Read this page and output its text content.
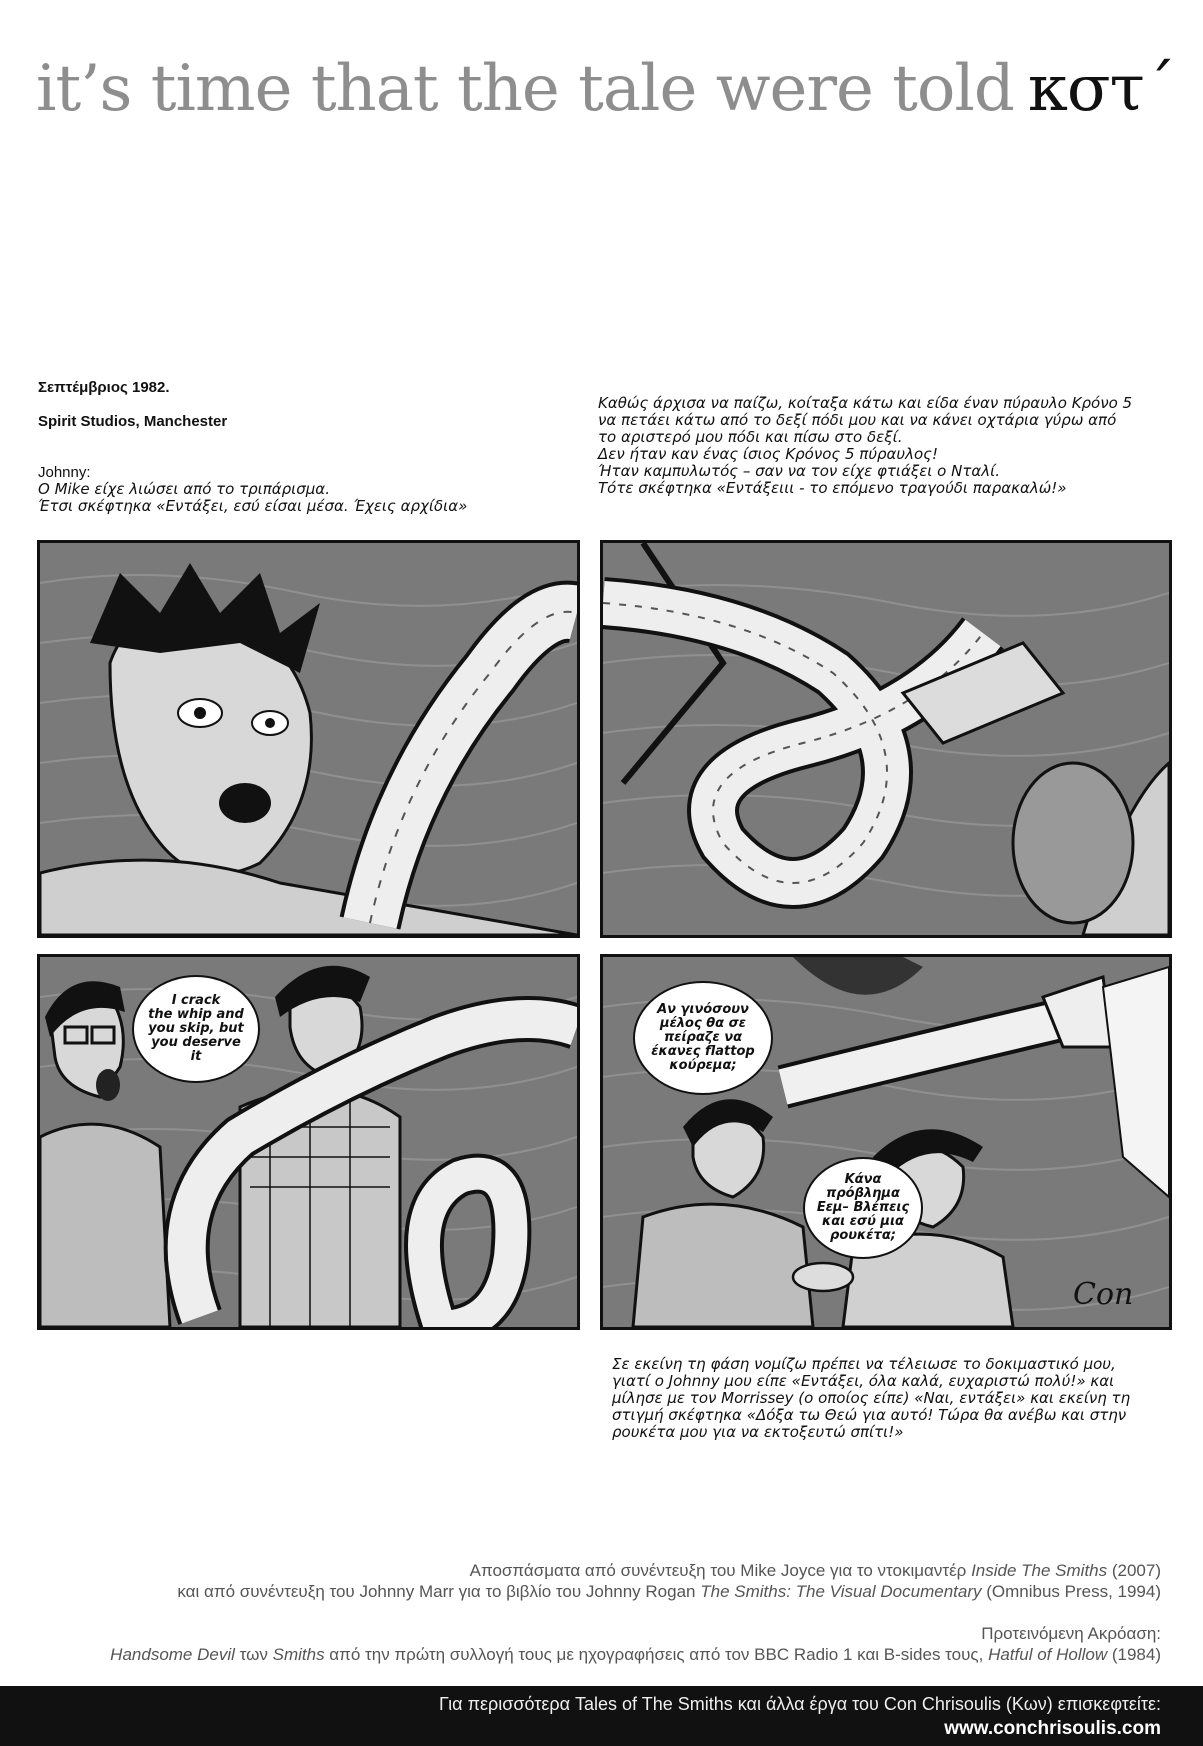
it’s time that the tale were told κστ΄

Σεπτέμβριος 1982.

Spirit Studios, Manchester

Johnny:
Ο Mike είχε λιώσει από το τριπάρισμα.
Έτσι σκέφτηκα «Εντάξει, εσύ είσαι μέσα. Έχεις αρχίδια»

Καθώς άρχισα να παίζω, κοίταξα κάτω και είδα έναν πύραυλο Κρόνο 5
να πετάει κάτω από το δεξί πόδι μου και να κάνει οχτάρια γύρω από
το αριστερό μου πόδι και πίσω στο δεξί.
Δεν ήταν καν ένας ίσιος Κρόνος 5 πύραυλος!
Ήταν καμπυλωτός – σαν να τον είχε φτιάξει ο Νταλί.
Τότε σκέφτηκα «Εντάξειιι - το επόμενο τραγούδι παρακαλώ!»
I crack
the whip and
you skip, but
you deserve
it
Αν γινόσουν
μέλος θα σε
πείραζε να
έκανες flattop
κούρεμα;
Κάνα
πρόβλημα
Εεμ– Βλέπεις
και εσύ μια
ρουκέτα;
Con
Σε εκείνη τη φάση νομίζω πρέπει να τέλειωσε το δοκιμαστικό μου,
γιατί ο Johnny μου είπε «Εντάξει, όλα καλά, ευχαριστώ πολύ!» και
μίλησε με τον Morrissey (ο οποίος είπε) «Ναι, εντάξει» και εκείνη τη
στιγμή σκέφτηκα «Δόξα τω Θεώ για αυτό! Τώρα θα ανέβω και στην
ρουκέτα μου για να εκτοξευτώ σπίτι!»
Αποσπάσματα από συνέντευξη του Mike Joyce για το ντοκιμαντέρ Inside The Smiths (2007)
και από συνέντευξη του Johnny Marr για το βιβλίο του Johnny Rogan The Smiths: The Visual Documentary (Omnibus Press, 1994)
Προτεινόμενη Ακρόαση:
Handsome Devil των Smiths από την πρώτη συλλογή τους με ηχογραφήσεις από τον BBC Radio 1 και B-sides τους, Hatful of Hollow (1984)
Για περισσότερα Tales of The Smiths και άλλα έργα του Con Chrisoulis (Κων) επισκεφτείτε:
www.conchrisoulis.com
